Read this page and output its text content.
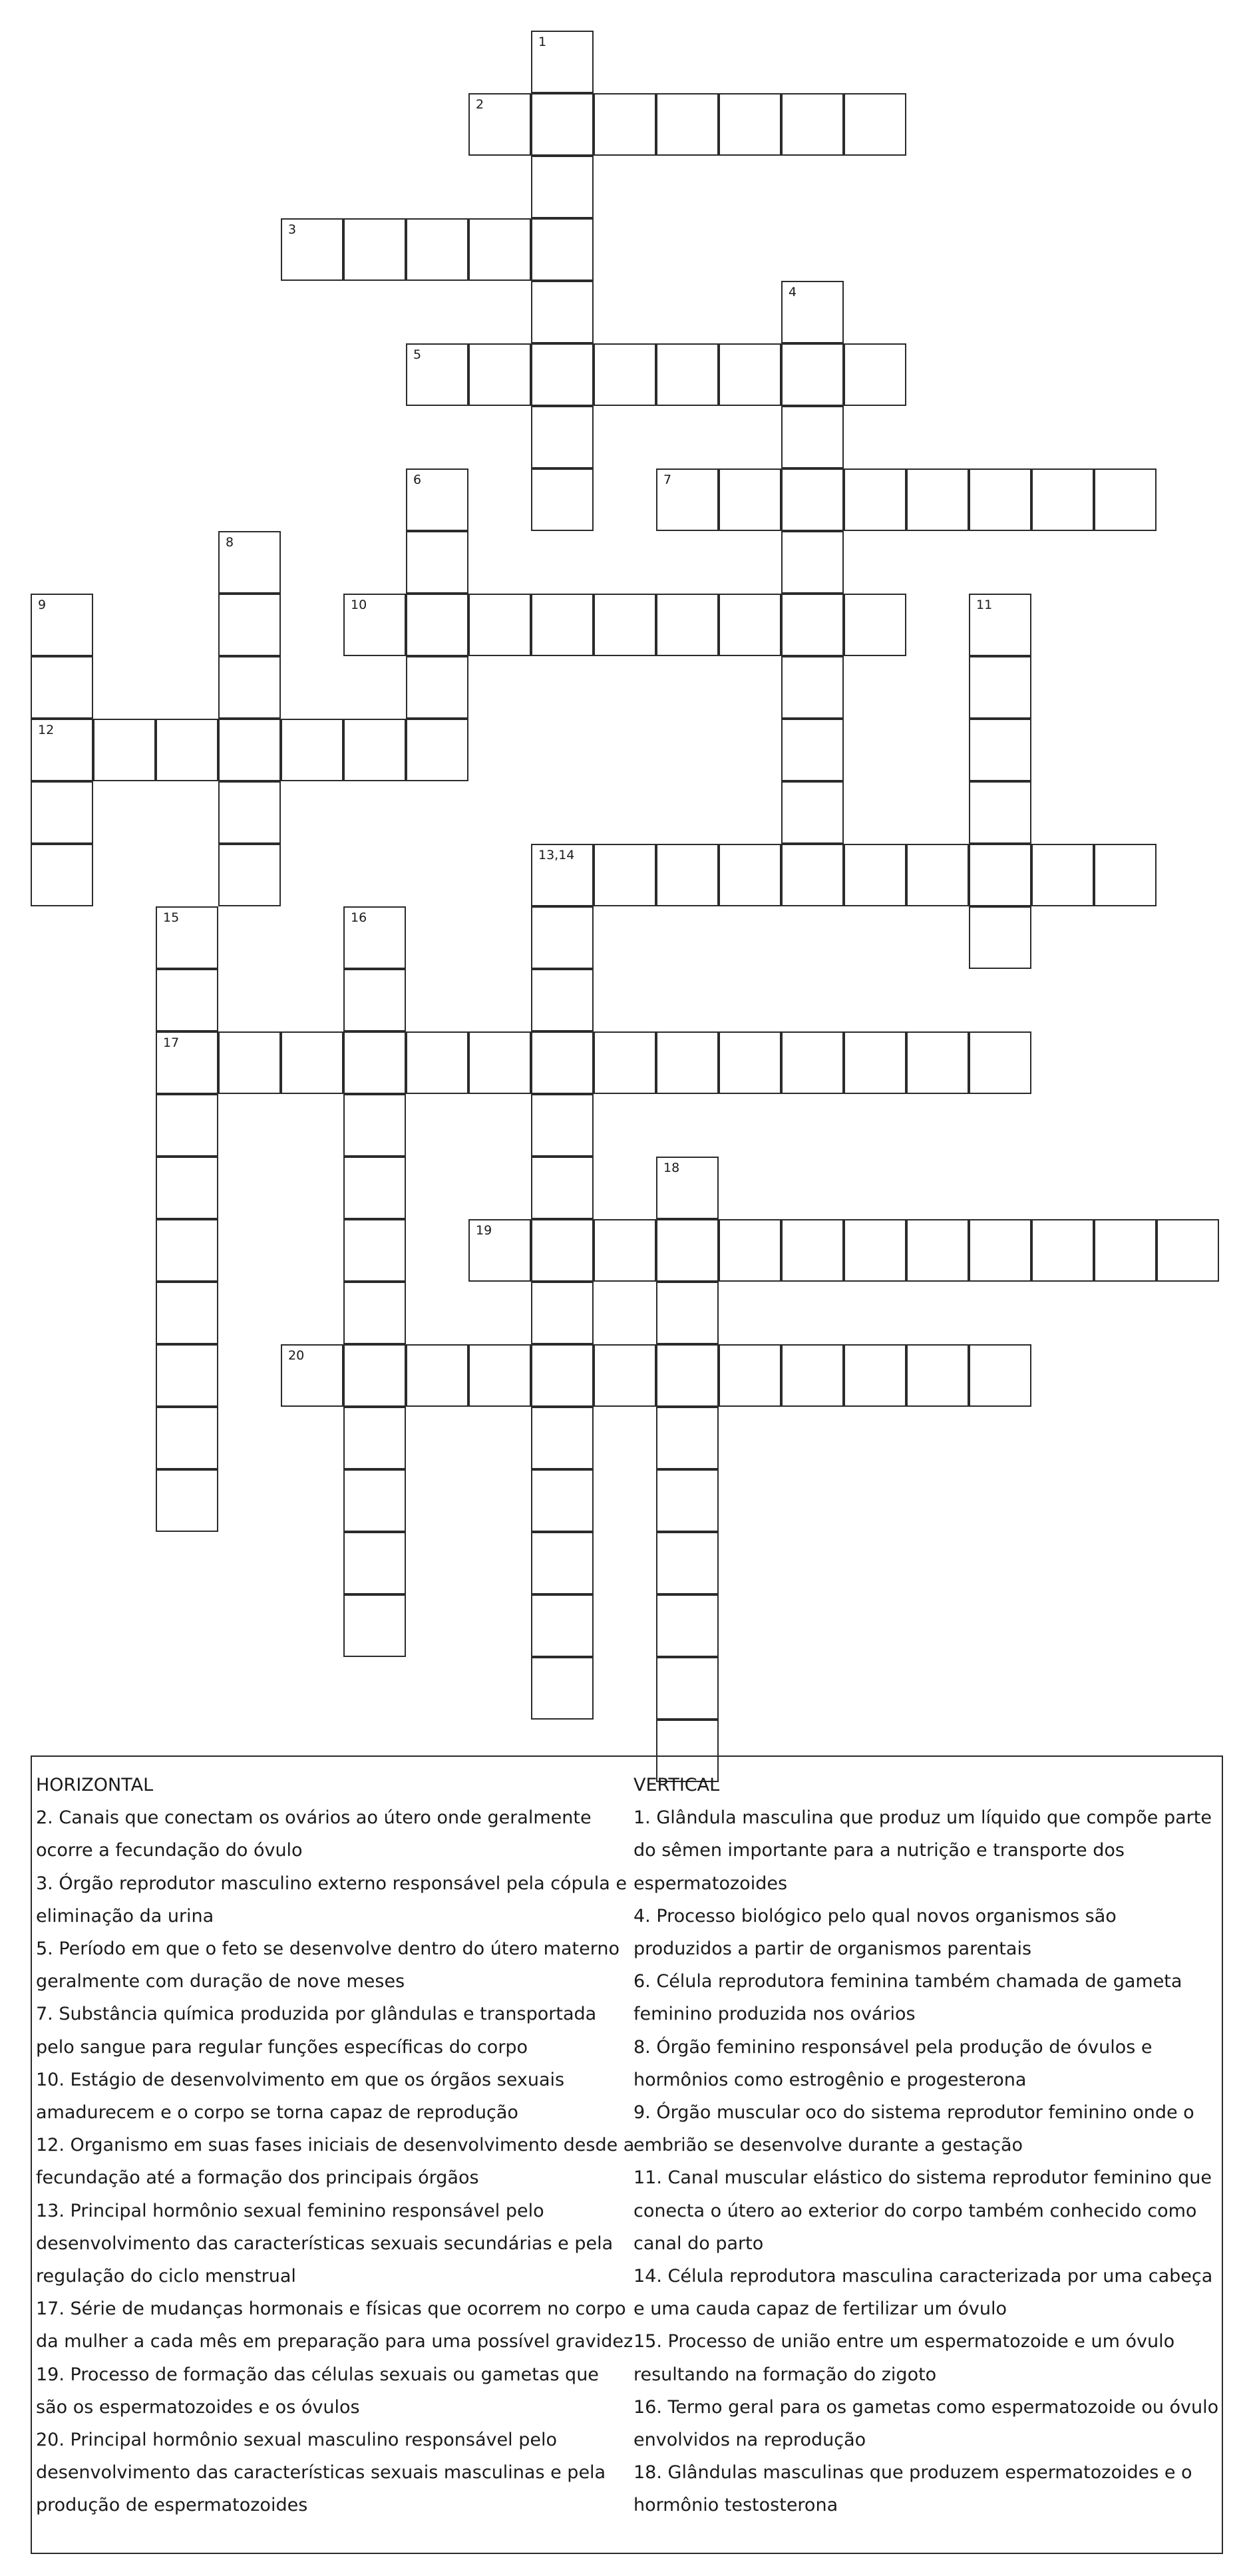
1
2
3
4
5
6	7
8
9
12
10	11
13,14
15
17
16
18
19
20

HORIZONTAL

2. Canais que conectam os ovários ao útero onde geralmente ocorre a fecundação do óvulo

3. Órgão reprodutor masculino externo responsável pela cópula e eliminação da urina

5. Período em que o feto se desenvolve dentro do útero materno geralmente com duração de nove meses

7. Substância química produzida por glândulas e transportada pelo sangue para regular funções específicas do corpo

10. Estágio de desenvolvimento em que os órgãos sexuais amadurecem e o corpo se torna capaz de reprodução

12. Organismo em suas fases iniciais de desenvolvimento desde a fecundação até a formação dos principais órgãos

13. Principal hormônio sexual feminino responsável pelo desenvolvimento das características sexuais secundárias e pela regulação do ciclo menstrual

17. Série de mudanças hormonais e físicas que ocorrem no corpo da mulher a cada mês em preparação para uma possível gravidez

19. Processo de formação das células sexuais ou gametas que são os espermatozoides e os óvulos

20. Principal hormônio sexual masculino responsável pelo desenvolvimento das características sexuais masculinas e pela produção de espermatozoides

VERTICAL

1. Glândula masculina que produz um líquido que compõe parte do sêmen importante para a nutrição e transporte dos espermatozoides

4. Processo biológico pelo qual novos organismos são produzidos a partir de organismos parentais

6. Célula reprodutora feminina também chamada de gameta feminino produzida nos ovários

8. Órgão feminino responsável pela produção de óvulos e hormônios como estrogênio e progesterona

9. Órgão muscular oco do sistema reprodutor feminino onde o embrião se desenvolve durante a gestação

11. Canal muscular elástico do sistema reprodutor feminino que conecta o útero ao exterior do corpo também conhecido como canal do parto

14. Célula reprodutora masculina caracterizada por uma cabeça e uma cauda capaz de fertilizar um óvulo

15. Processo de união entre um espermatozoide e um óvulo resultando na formação do zigoto

16. Termo geral para os gametas como espermatozoide ou óvulo envolvidos na reprodução

18. Glândulas masculinas que produzem espermatozoides e o hormônio testosterona
